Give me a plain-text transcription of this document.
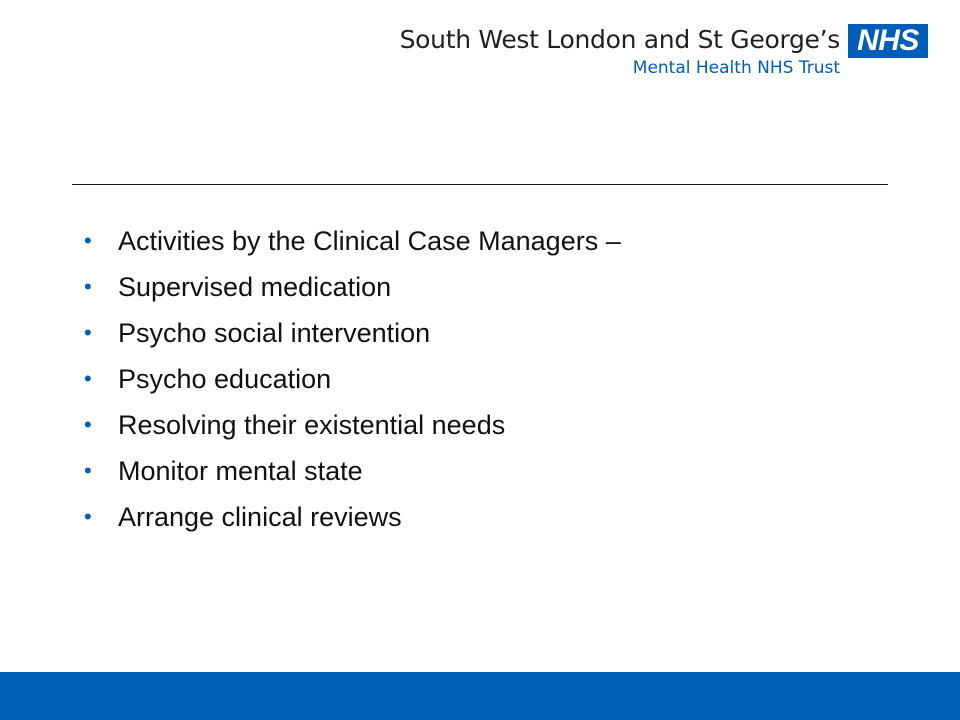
South West London and St George’s
Mental Health NHS Trust
NHS
• Activities by the Clinical Case Managers –
• Supervised medication
• Psycho social intervention
• Psycho education
• Resolving their existential needs
• Monitor mental state
• Arrange clinical reviews
